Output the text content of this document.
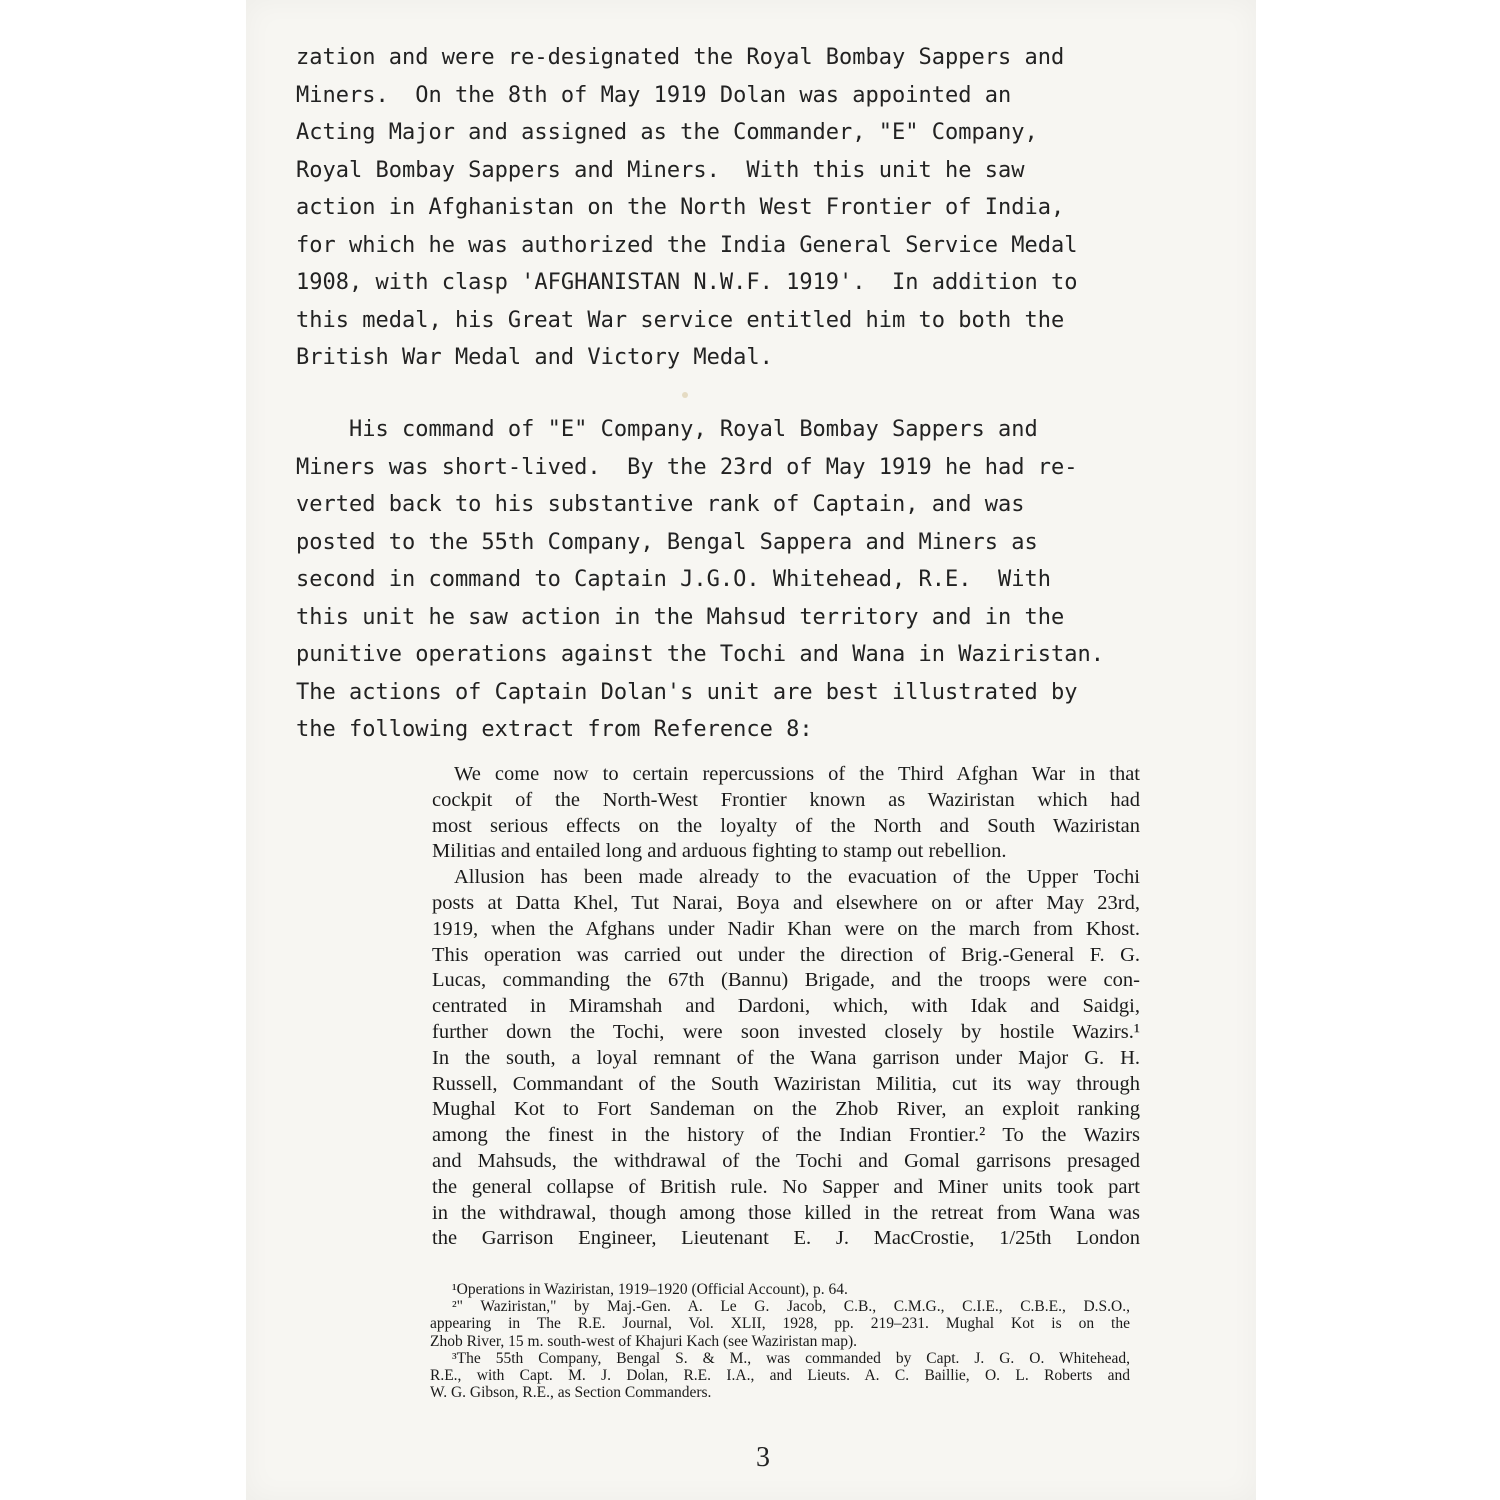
zation and were re-designated the Royal Bombay Sappers and
Miners.  On the 8th of May 1919 Dolan was appointed an
Acting Major and assigned as the Commander, "E" Company,
Royal Bombay Sappers and Miners.  With this unit he saw
action in Afghanistan on the North West Frontier of India,
for which he was authorized the India General Service Medal
1908, with clasp 'AFGHANISTAN N.W.F. 1919'.  In addition to
this medal, his Great War service entitled him to both the
British War Medal and Victory Medal.
His command of "E" Company, Royal Bombay Sappers and
Miners was short-lived.  By the 23rd of May 1919 he had re-
verted back to his substantive rank of Captain, and was
posted to the 55th Company, Bengal Sappera and Miners as
second in command to Captain J.G.O. Whitehead, R.E.  With
this unit he saw action in the Mahsud territory and in the
punitive operations against the Tochi and Wana in Waziristan.
The actions of Captain Dolan's unit are best illustrated by
the following extract from Reference 8:
We come now to certain repercussions of the Third Afghan War in that
cockpit of the North-West Frontier known as Waziristan which had
most serious effects on the loyalty of the North and South Waziristan
Militias and entailed long and arduous fighting to stamp out rebellion.
Allusion has been made already to the evacuation of the Upper Tochi
posts at Datta Khel, Tut Narai, Boya and elsewhere on or after May 23rd,
1919, when the Afghans under Nadir Khan were on the march from Khost.
This operation was carried out under the direction of Brig.-General F. G.
Lucas, commanding the 67th (Bannu) Brigade, and the troops were con-
centrated in Miramshah and Dardoni, which, with Idak and Saidgi,
further down the Tochi, were soon invested closely by hostile Wazirs.¹
In the south, a loyal remnant of the Wana garrison under Major G. H.
Russell, Commandant of the South Waziristan Militia, cut its way through
Mughal Kot to Fort Sandeman on the Zhob River, an exploit ranking
among the finest in the history of the Indian Frontier.² To the Wazirs
and Mahsuds, the withdrawal of the Tochi and Gomal garrisons presaged
the general collapse of British rule. No Sapper and Miner units took part
in the withdrawal, though among those killed in the retreat from Wana was
the Garrison Engineer, Lieutenant E. J. MacCrostie, 1/25th London
¹Operations in Waziristan, 1919–1920 (Official Account), p. 64.
²" Waziristan," by Maj.-Gen. A. Le G. Jacob, C.B., C.M.G., C.I.E., C.B.E., D.S.O.,
appearing in The R.E. Journal, Vol. XLII, 1928, pp. 219–231. Mughal Kot is on the
Zhob River, 15 m. south-west of Khajuri Kach (see Waziristan map).
³The 55th Company, Bengal S. & M., was commanded by Capt. J. G. O. Whitehead,
R.E., with Capt. M. J. Dolan, R.E. I.A., and Lieuts. A. C. Baillie, O. L. Roberts and
W. G. Gibson, R.E., as Section Commanders.
3
